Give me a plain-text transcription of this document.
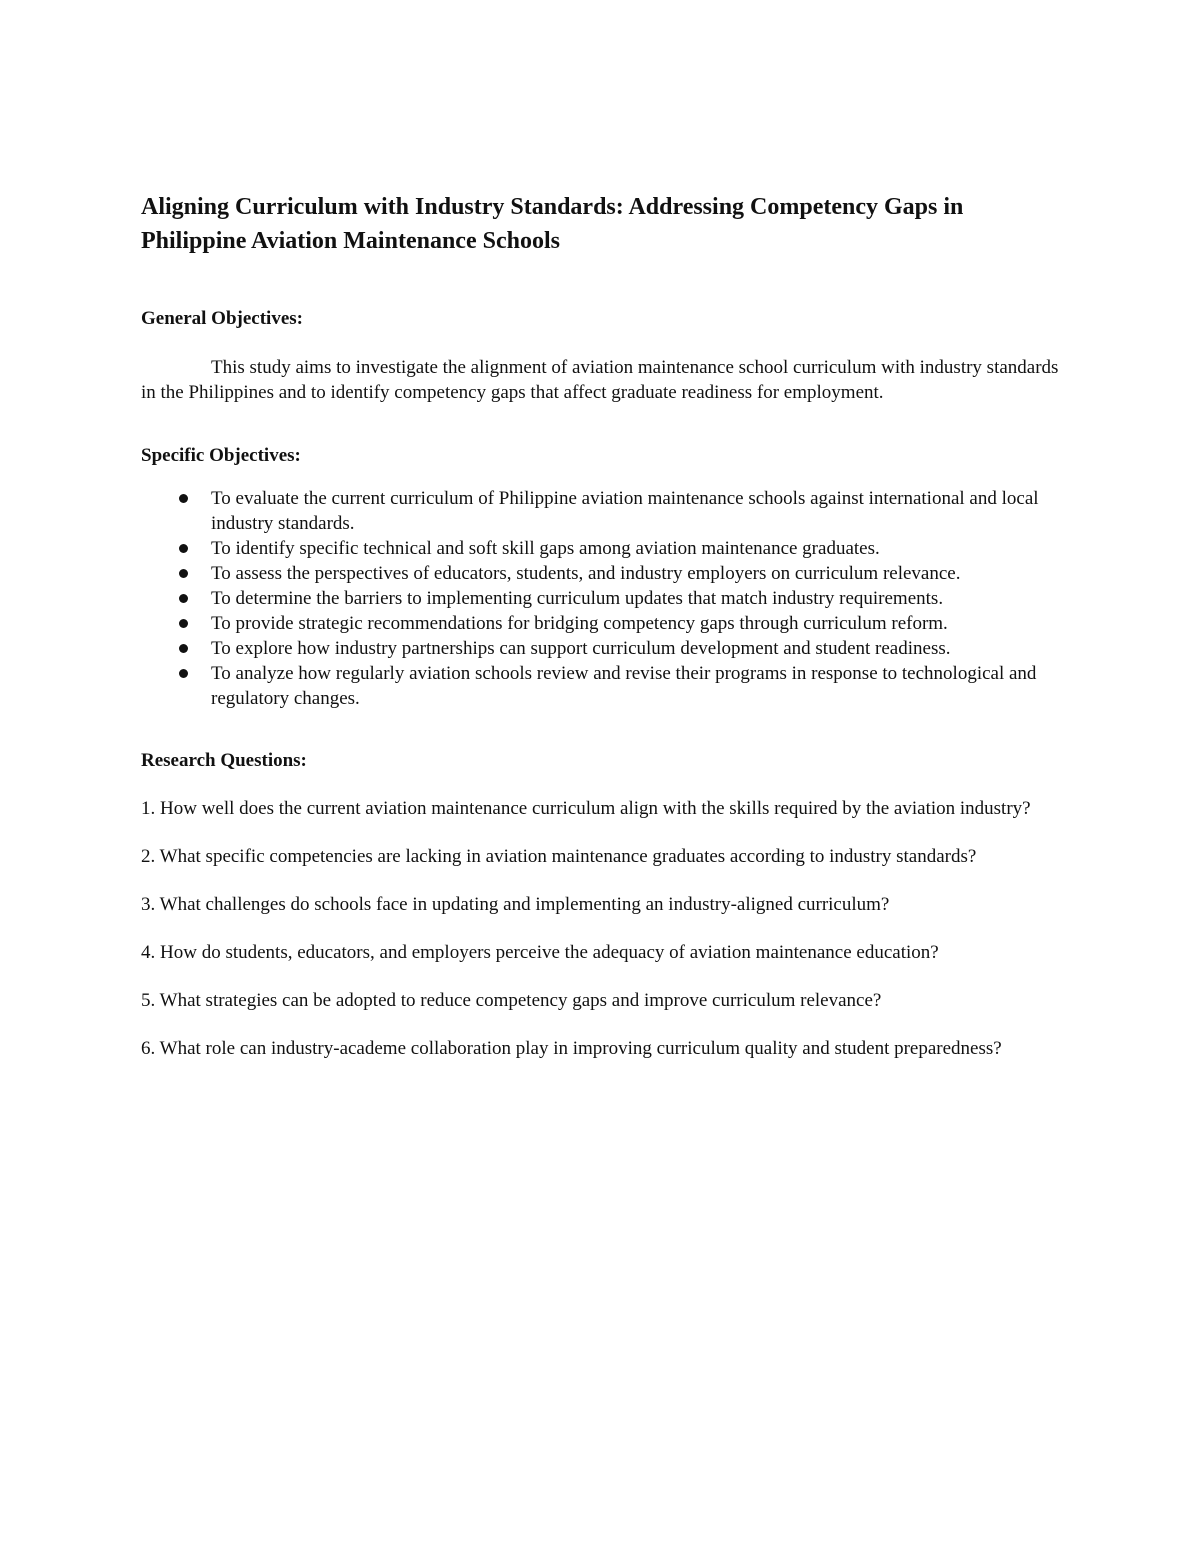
Aligning Curriculum with Industry Standards: Addressing Competency Gaps in Philippine Aviation Maintenance Schools
General Objectives:

This study aims to investigate the alignment of aviation maintenance school curriculum with industry standards in the Philippines and to identify competency gaps that affect graduate readiness for employment.

Specific Objectives:
To evaluate the current curriculum of Philippine aviation maintenance schools against international and local industry standards.
To identify specific technical and soft skill gaps among aviation maintenance graduates.
To assess the perspectives of educators, students, and industry employers on curriculum relevance.
To determine the barriers to implementing curriculum updates that match industry requirements.
To provide strategic recommendations for bridging competency gaps through curriculum reform.
To explore how industry partnerships can support curriculum development and student readiness.
To analyze how regularly aviation schools review and revise their programs in response to technological and regulatory changes.
Research Questions:

1. How well does the current aviation maintenance curriculum align with the skills required by the aviation industry?

2. What specific competencies are lacking in aviation maintenance graduates according to industry standards?

3. What challenges do schools face in updating and implementing an industry-aligned curriculum?

4. How do students, educators, and employers perceive the adequacy of aviation maintenance education?

5. What strategies can be adopted to reduce competency gaps and improve curriculum relevance?

6. What role can industry-academe collaboration play in improving curriculum quality and student preparedness?
